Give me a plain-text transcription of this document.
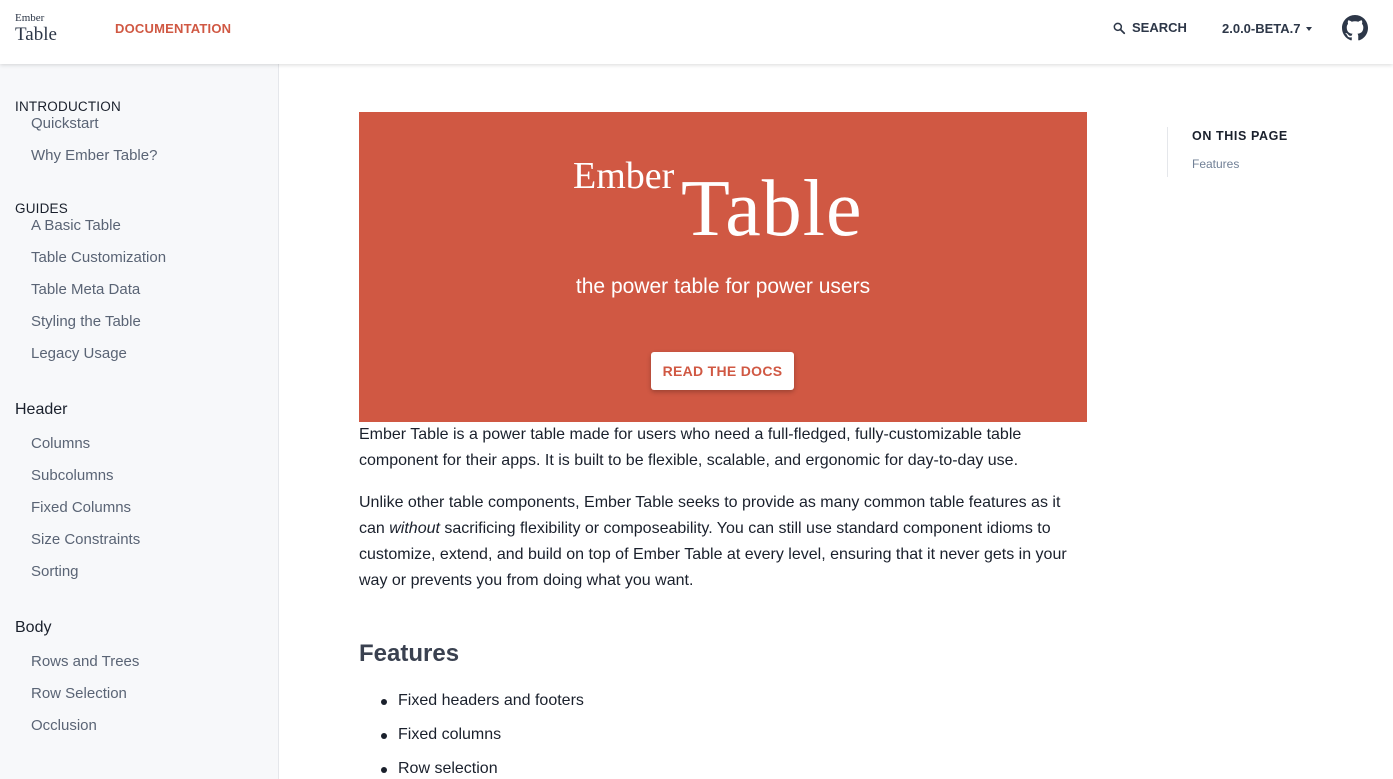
Ember
Table	DOCUMENTATION	SEARCH	2.0.0-BETA.7
INTRODUCTION
Quickstart
Why Ember Table?
GUIDES
A Basic Table
Table Customization
Table Meta Data
Styling the Table
Legacy Usage
Header
Columns
Subcolumns
Fixed Columns
Size Constraints
Sorting
Body
Rows and Trees
Row Selection
Occlusion
Ember Table
the power table for power users
READ THE DOCS

Ember Table is a power table made for users who need a full-fledged, fully-customizable table component for their apps. It is built to be flexible, scalable, and ergonomic for day-to-day use.

Unlike other table components, Ember Table seeks to provide as many common table features as it can without sacrificing flexibility or composeability. You can still use standard component idioms to customize, extend, and build on top of Ember Table at every level, ensuring that it never gets in your way or prevents you from doing what you want.

Features
Fixed headers and footers
Fixed columns
Row selection
ON THIS PAGE
Features
